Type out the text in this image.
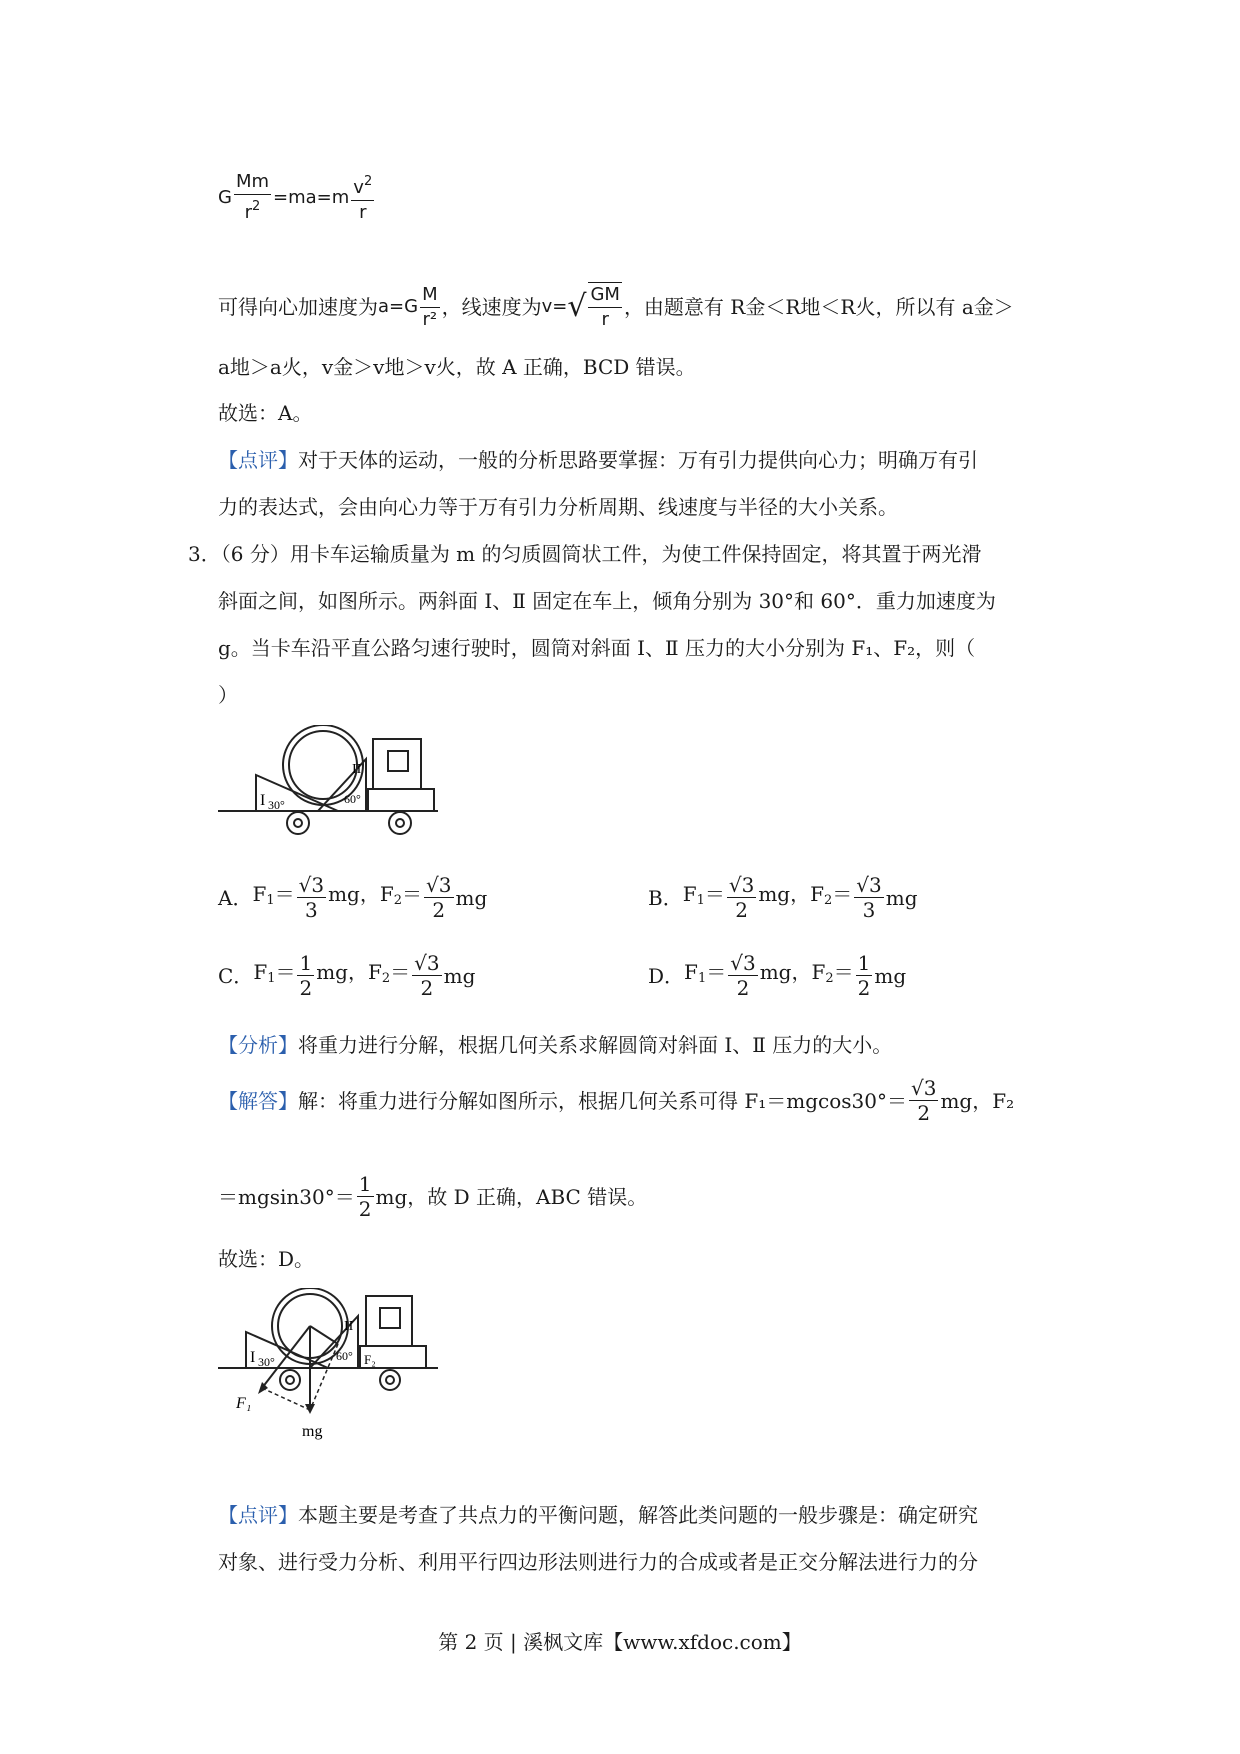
G $\frac{Mm}{r^2} =ma=m \frac{v^2}{r}$
可得向心加速度为 $a=G \frac{M}{\text{r²}}$ ，线速度为 v= √ $\frac{GM}{r}$ ，由题意有 R金＜R地＜R火，所以有 a金＞
a地＞a火，v金＞v地＞v火，故 A 正确，BCD 错误。
故选：A。
【点评】对于天体的运动，一般的分析思路要掌握：万有引力提供向心力；明确万有引
力的表达式，会由向心力等于万有引力分析周期、线速度与半径的大小关系。
3．（6 分）用卡车运输质量为 m 的匀质圆筒状工件，为使工件保持固定，将其置于两光滑
斜面之间，如图所示。两斜面 Ⅰ、Ⅱ 固定在车上，倾角分别为 30°和 60°．重力加速度为
g。当卡车沿平直公路匀速行驶时，圆筒对斜面 Ⅰ、Ⅱ 压力的大小分别为 F₁、F₂，则（
）
I 30°
II
60°
A． $F_1= \frac{√3}{3}$ mg，$F_2= \frac{√3}{2}$ mg	B． $F_1= \frac{√3}{2}$ mg，$F_2= \frac{√3}{3}$ mg
C． $F_1= \frac{1}{2}$ mg，$F_2= \frac{√3}{2}$ mg	D． $F_1= \frac{√3}{2}$ mg，$F_2= \frac{1}{2}$ mg
【分析】将重力进行分解，根据几何关系求解圆筒对斜面 Ⅰ、Ⅱ 压力的大小。
【解答】 解：将重力进行分解如图所示，根据几何关系可得 $F_1=mgcos30^\circ= \frac{√3}{2}$ mg，F₂
$=mgsin30^\circ= \frac{1}{2}$ mg，故 D 正确，ABC 错误。
故选：D。
I 30°
II
60° F₂
F₁
mg
【点评】本题主要是考查了共点力的平衡问题，解答此类问题的一般步骤是：确定研究
对象、进行受力分析、利用平行四边形法则进行力的合成或者是正交分解法进行力的分
第 2 页 | 溪枫文库【www.xfdoc.com】
